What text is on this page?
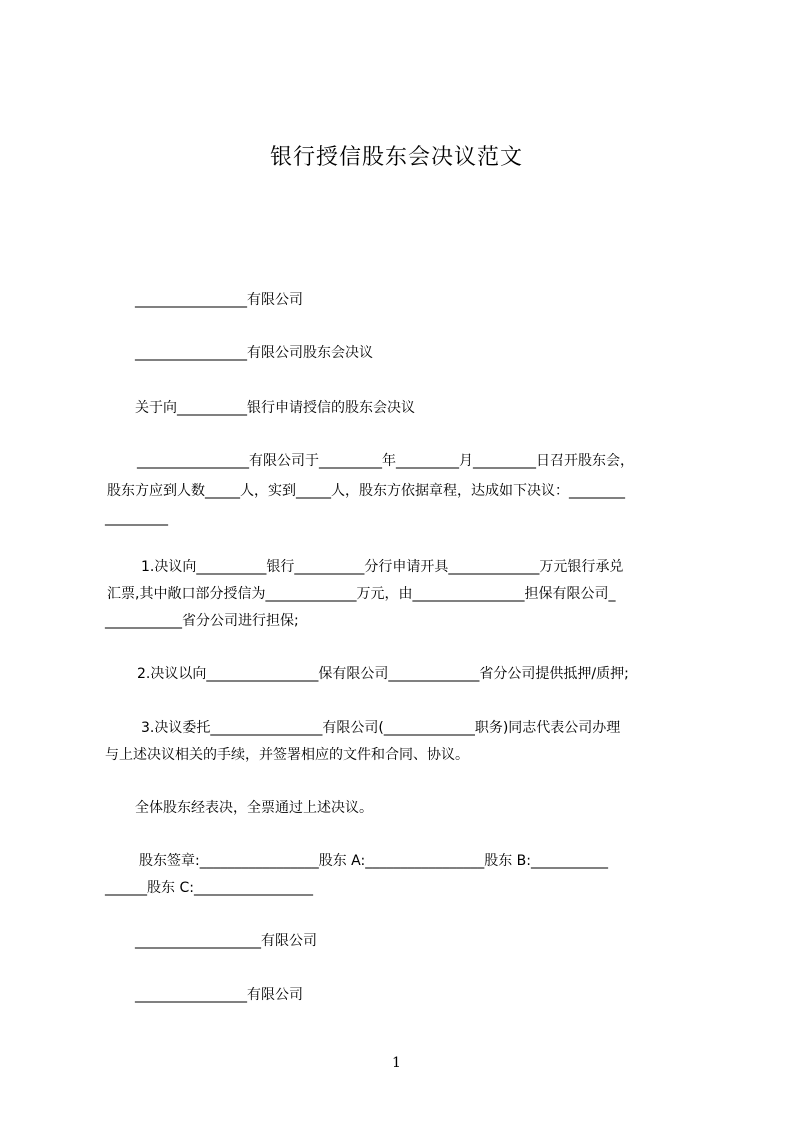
银行授信股东会决议范文
________________有限公司
________________有限公司股东会决议
关于向__________银行申请授信的股东会决议
________________有限公司于_________年_________月_________日召开股东会，
股东方应到人数_____人，实到_____人，股东方依据章程，达成如下决议：________
_________
1.决议向__________银行__________分行申请开具_____________万元银行承兑
汇票,其中敞口部分授信为_____________万元，由________________担保有限公司_
___________省分公司进行担保;
2.决议以向________________保有限公司_____________省分公司提供抵押/质押;
3.决议委托________________有限公司(_____________职务)同志代表公司办理
与上述决议相关的手续，并签署相应的文件和合同、协议。
全体股东经表决，全票通过上述决议。
股东签章:_________________股东 A:_________________股东 B:___________
______股东 C:_________________
__________________有限公司
________________有限公司
1
